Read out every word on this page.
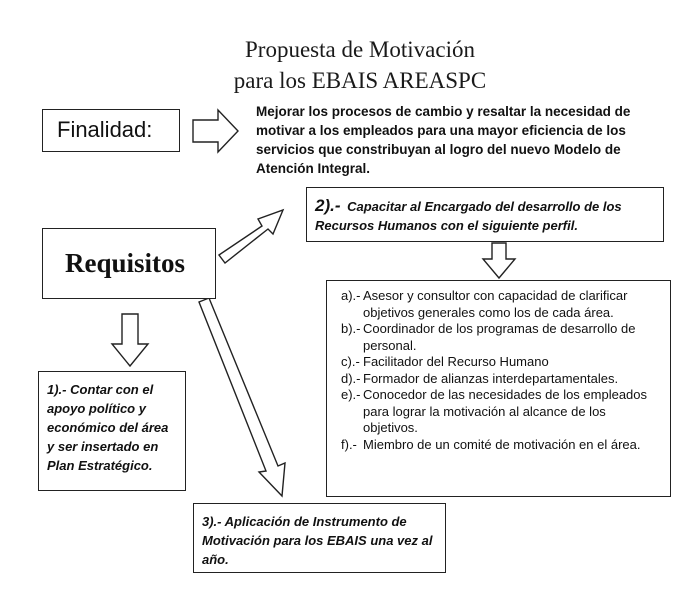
Propuesta de Motivación
para los EBAIS AREASPC
Finalidad:
Mejorar los procesos de cambio y resaltar la necesidad de motivar a los empleados para una mayor eficiencia de los servicios que constribuyan al logro del nuevo Modelo de Atención Integral.
Requisitos
2).- Capacitar al Encargado del desarrollo de los Recursos Humanos con el siguiente perfil.
a).- Asesor y consultor con capacidad de clarificar objetivos generales como los de cada área.
b).- Coordinador de los programas de desarrollo de personal.
c).- Facilitador del Recurso Humano
d).- Formador de alianzas interdepartamentales.
e).- Conocedor de las necesidades de los empleados para lograr la motivación al alcance de los objetivos.
f).- Miembro de un comité de motivación en el área.
1).- Contar con el apoyo político y económico del área y ser insertado en Plan Estratégico.
3).- Aplicación de Instrumento de Motivación para los EBAIS una vez al año.
